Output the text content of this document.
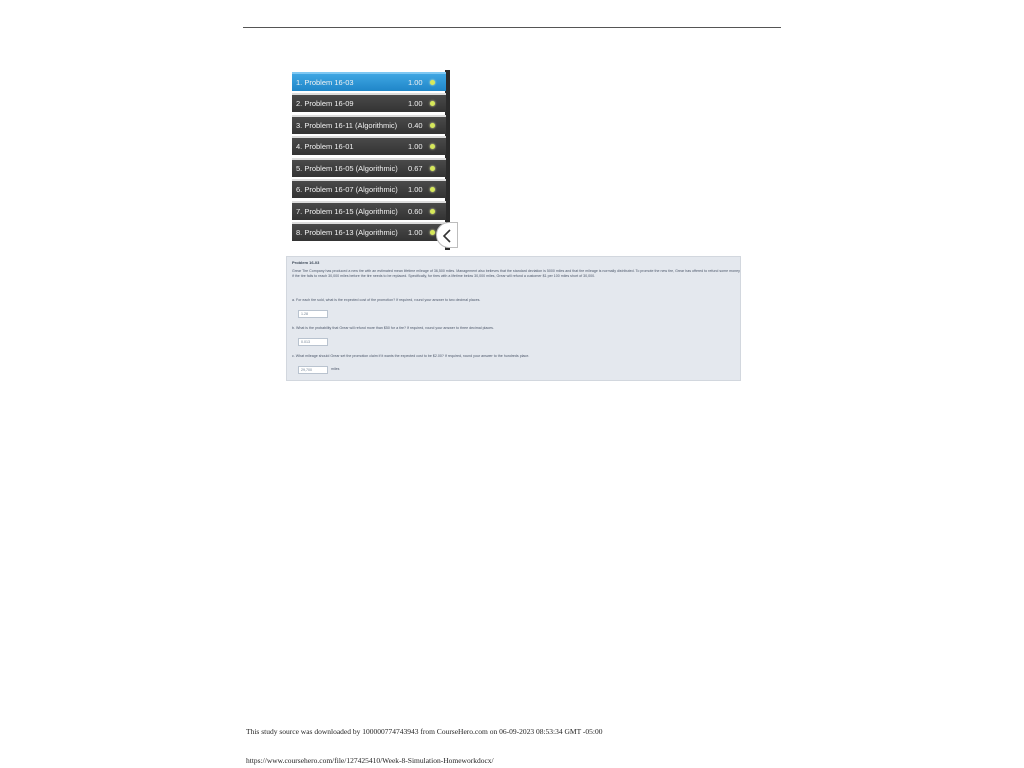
1. Problem 16-03	1.00
2. Problem 16-09	1.00
3. Problem 16-11 (Algorithmic) 0.40
4. Problem 16-01	1.00
5. Problem 16-05 (Algorithmic) 0.67
6. Problem 16-07 (Algorithmic) 1.00
7. Problem 16-15 (Algorithmic) 0.60
8. Problem 16-13 (Algorithmic) 1.00
Problem 16-03
Grear Tire Company has produced a new tire with an estimated mean lifetime mileage of 36,500 miles. Management also believes that the standard deviation is 5000 miles and that tire mileage is normally distributed. To promote the new tire, Grear has offered to refund some money if the tire fails to reach 30,000 miles before the tire needs to be replaced. Specifically, for tires with a lifetime below 30,000 miles, Grear will refund a customer $1 per 100 miles short of 30,000.
a. For each tire sold, what is the expected cost of the promotion? If required, round your answer to two decimal places.
1.28
b. What is the probability that Grear will refund more than $50 for a tire? If required, round your answer to three decimal places.
0.013
c. What mileage should Grear set the promotion claim if it wants the expected cost to be $2.00? If required, round your answer to the hundreds place.
29,700	miles
This study source was downloaded by 100000774743943 from CourseHero.com on 06-09-2023 08:53:34 GMT -05:00
https://www.coursehero.com/file/127425410/Week-8-Simulation-Homeworkdocx/
